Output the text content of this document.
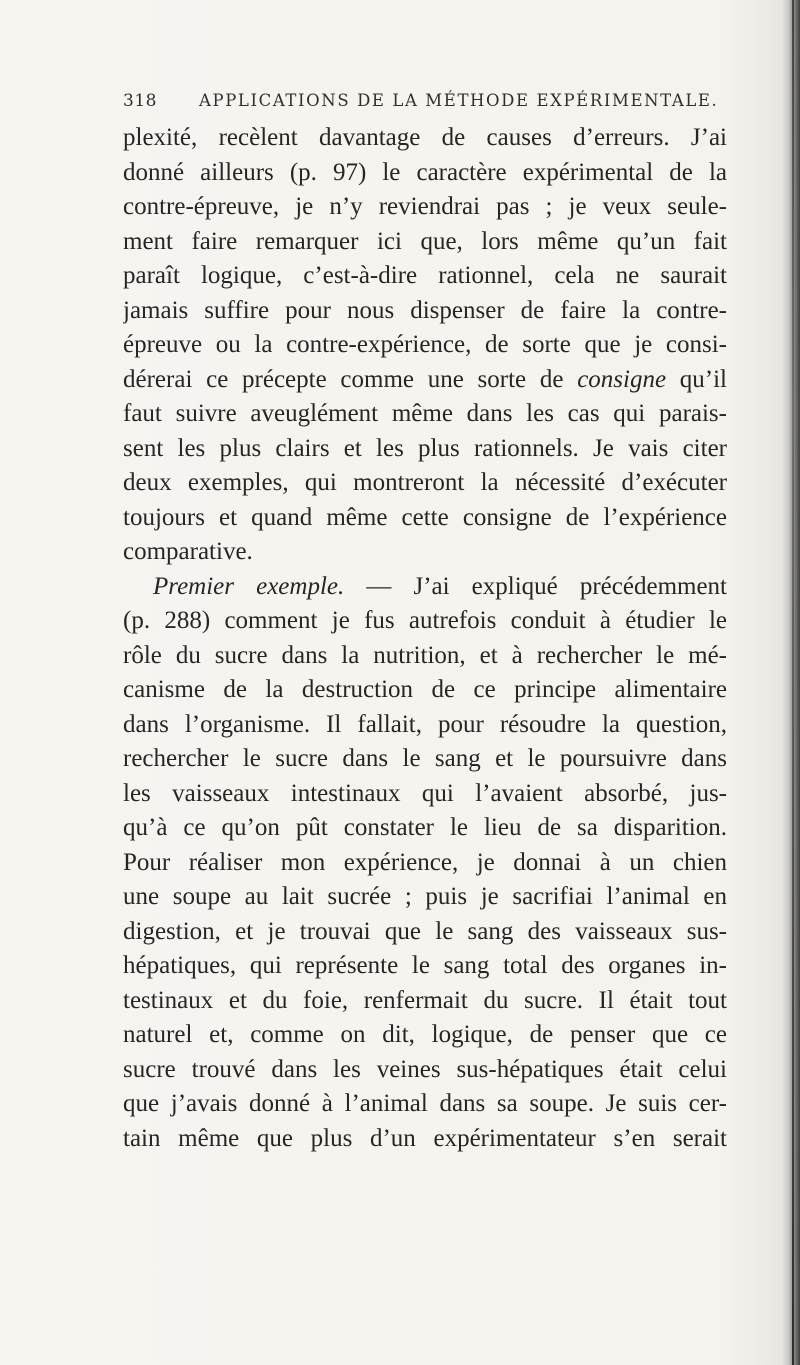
318	APPLICATIONS DE LA MÉTHODE EXPÉRIMENTALE.
plexité, recèlent davantage de causes d’erreurs. J’ai
donné ailleurs (p. 97) le caractère expérimental de la
contre-épreuve, je n’y reviendrai pas ; je veux seule-
ment faire remarquer ici que, lors même qu’un fait
paraît logique, c’est-à-dire rationnel, cela ne saurait
jamais suffire pour nous dispenser de faire la contre-
épreuve ou la contre-expérience, de sorte que je consi-
dérerai ce précepte comme une sorte de consigne qu’il
faut suivre aveuglément même dans les cas qui parais-
sent les plus clairs et les plus rationnels. Je vais citer
deux exemples, qui montreront la nécessité d’exécuter
toujours et quand même cette consigne de l’expérience
comparative.
Premier exemple. — J’ai expliqué précédemment
(p. 288) comment je fus autrefois conduit à étudier le
rôle du sucre dans la nutrition, et à rechercher le mé-
canisme de la destruction de ce principe alimentaire
dans l’organisme. Il fallait, pour résoudre la question,
rechercher le sucre dans le sang et le poursuivre dans
les vaisseaux intestinaux qui l’avaient absorbé, jus-
qu’à ce qu’on pût constater le lieu de sa disparition.
Pour réaliser mon expérience, je donnai à un chien
une soupe au lait sucrée ; puis je sacrifiai l’animal en
digestion, et je trouvai que le sang des vaisseaux sus-
hépatiques, qui représente le sang total des organes in-
testinaux et du foie, renfermait du sucre. Il était tout
naturel et, comme on dit, logique, de penser que ce
sucre trouvé dans les veines sus-hépatiques était celui
que j’avais donné à l’animal dans sa soupe. Je suis cer-
tain même que plus d’un expérimentateur s’en serait
